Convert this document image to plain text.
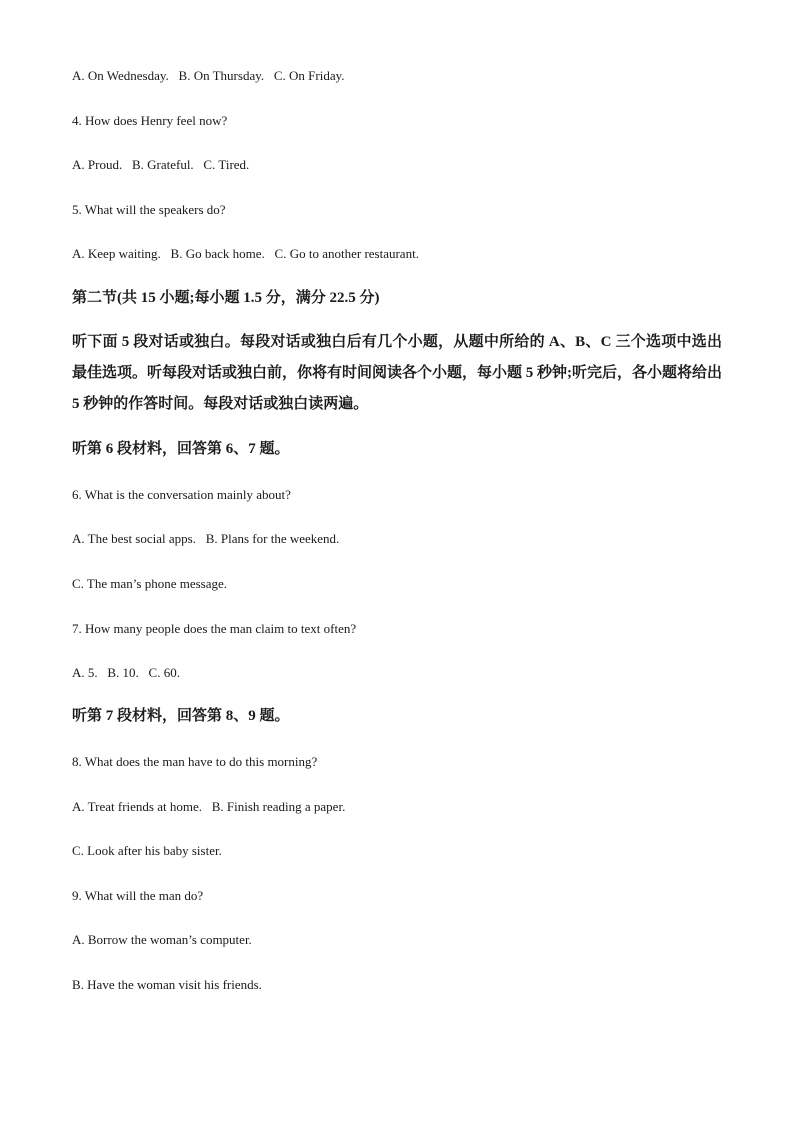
A. On Wednesday.   B. On Thursday.   C. On Friday.
4. How does Henry feel now?
A. Proud.   B. Grateful.   C. Tired.
5. What will the speakers do?
A. Keep waiting.   B. Go back home.   C. Go to another restaurant.
第二节(共 15 小题;每小题 1.5 分，满分 22.5 分)
听下面 5 段对话或独白。每段对话或独白后有几个小题，从题中所给的 A、B、C 三个选项中选出最佳选项。听每段对话或独白前，你将有时间阅读各个小题，每小题 5 秒钟;听完后，各小题将给出 5 秒钟的作答时间。每段对话或独白读两遍。
听第 6 段材料，回答第 6、7 题。
6. What is the conversation mainly about?
A. The best social apps.   B. Plans for the weekend.
C. The man’s phone message.
7. How many people does the man claim to text often?
A. 5.   B. 10.   C. 60.
听第 7 段材料，回答第 8、9 题。
8. What does the man have to do this morning?
A. Treat friends at home.   B. Finish reading a paper.
C. Look after his baby sister.
9. What will the man do?
A. Borrow the woman’s computer.
B. Have the woman visit his friends.
